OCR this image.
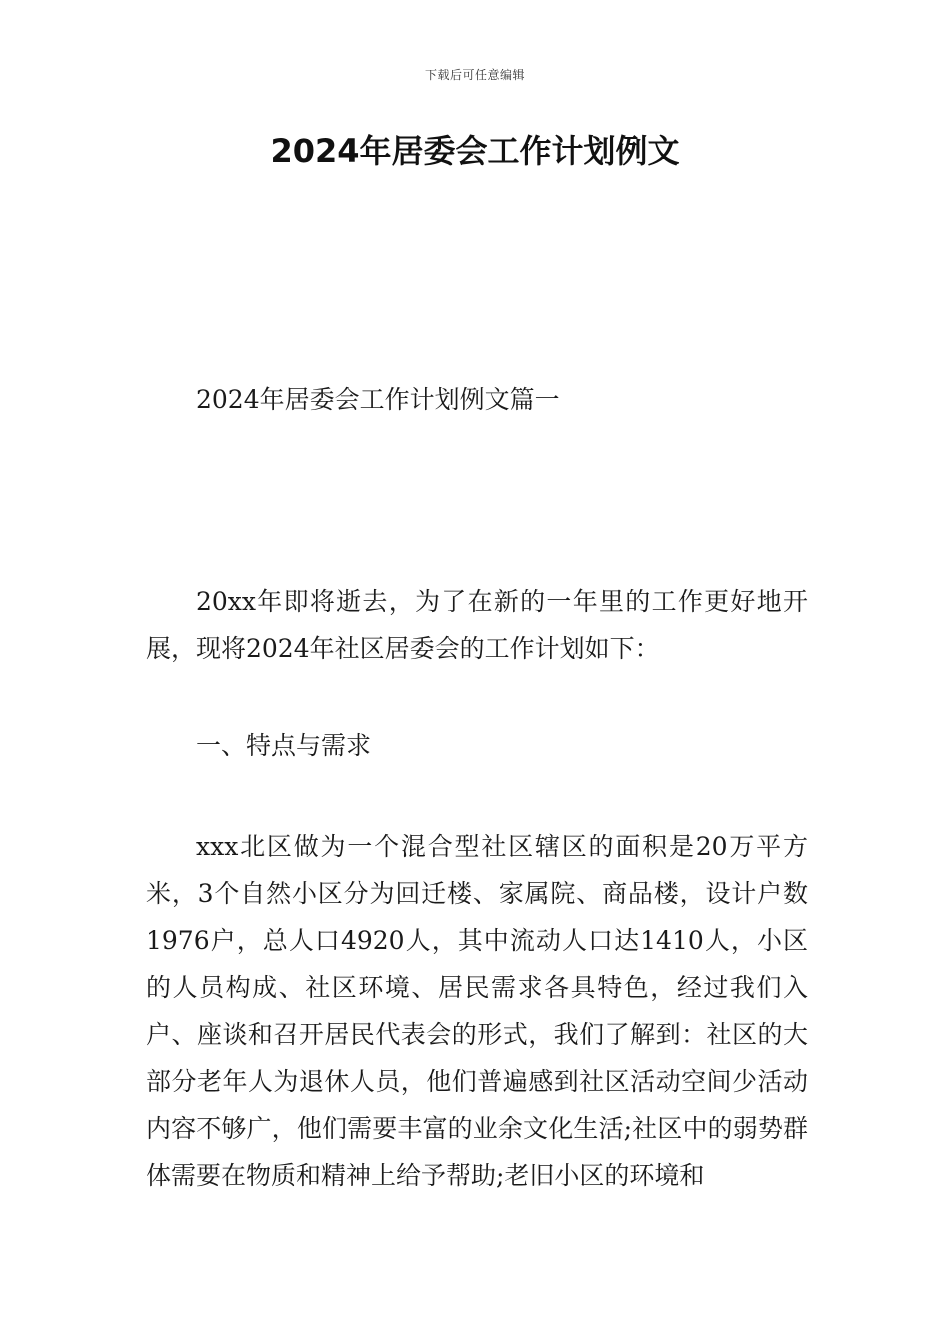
下载后可任意编辑
2024年居委会工作计划例文
2024年居委会工作计划例文篇一

20xx年即将逝去，为了在新的一年里的工作更好地开展，现将2024年社区居委会的工作计划如下：

一、特点与需求

xxx北区做为一个混合型社区辖区的面积是20万平方米，3个自然小区分为回迁楼、家属院、商品楼，设计户数1976户，总人口4920人，其中流动人口达1410人，小区的人员构成、社区环境、居民需求各具特色，经过我们入户、座谈和召开居民代表会的形式，我们了解到：社区的大部分老年人为退休人员，他们普遍感到社区活动空间少活动内容不够广，他们需要丰富的业余文化生活;社区中的弱势群体需要在物质和精神上给予帮助;老旧小区的环境和
